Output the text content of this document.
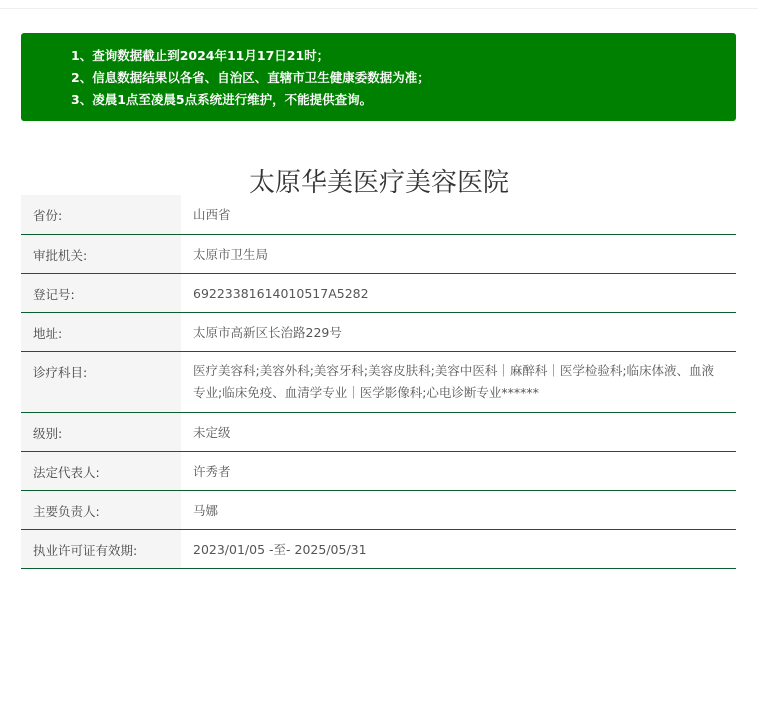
1、查询数据截止到2024年11月17日21时；
2、信息数据结果以各省、自治区、直辖市卫生健康委数据为准；
3、凌晨1点至凌晨5点系统进行维护，不能提供查询。
太原华美医疗美容医院
省份:	山西省
审批机关:	太原市卫生局
登记号:	69223381614010517A5282
地址:	太原市高新区长治路229号
诊疗科目:	医疗美容科;美容外科;美容牙科;美容皮肤科;美容中医科｜麻醉科｜医学检验科;临床体液、血液专业;临床免疫、血清学专业｜医学影像科;心电诊断专业******
级别:	未定级
法定代表人:	许秀者
主要负责人:	马娜
执业许可证有效期:	2023/01/05 -至- 2025/05/31
